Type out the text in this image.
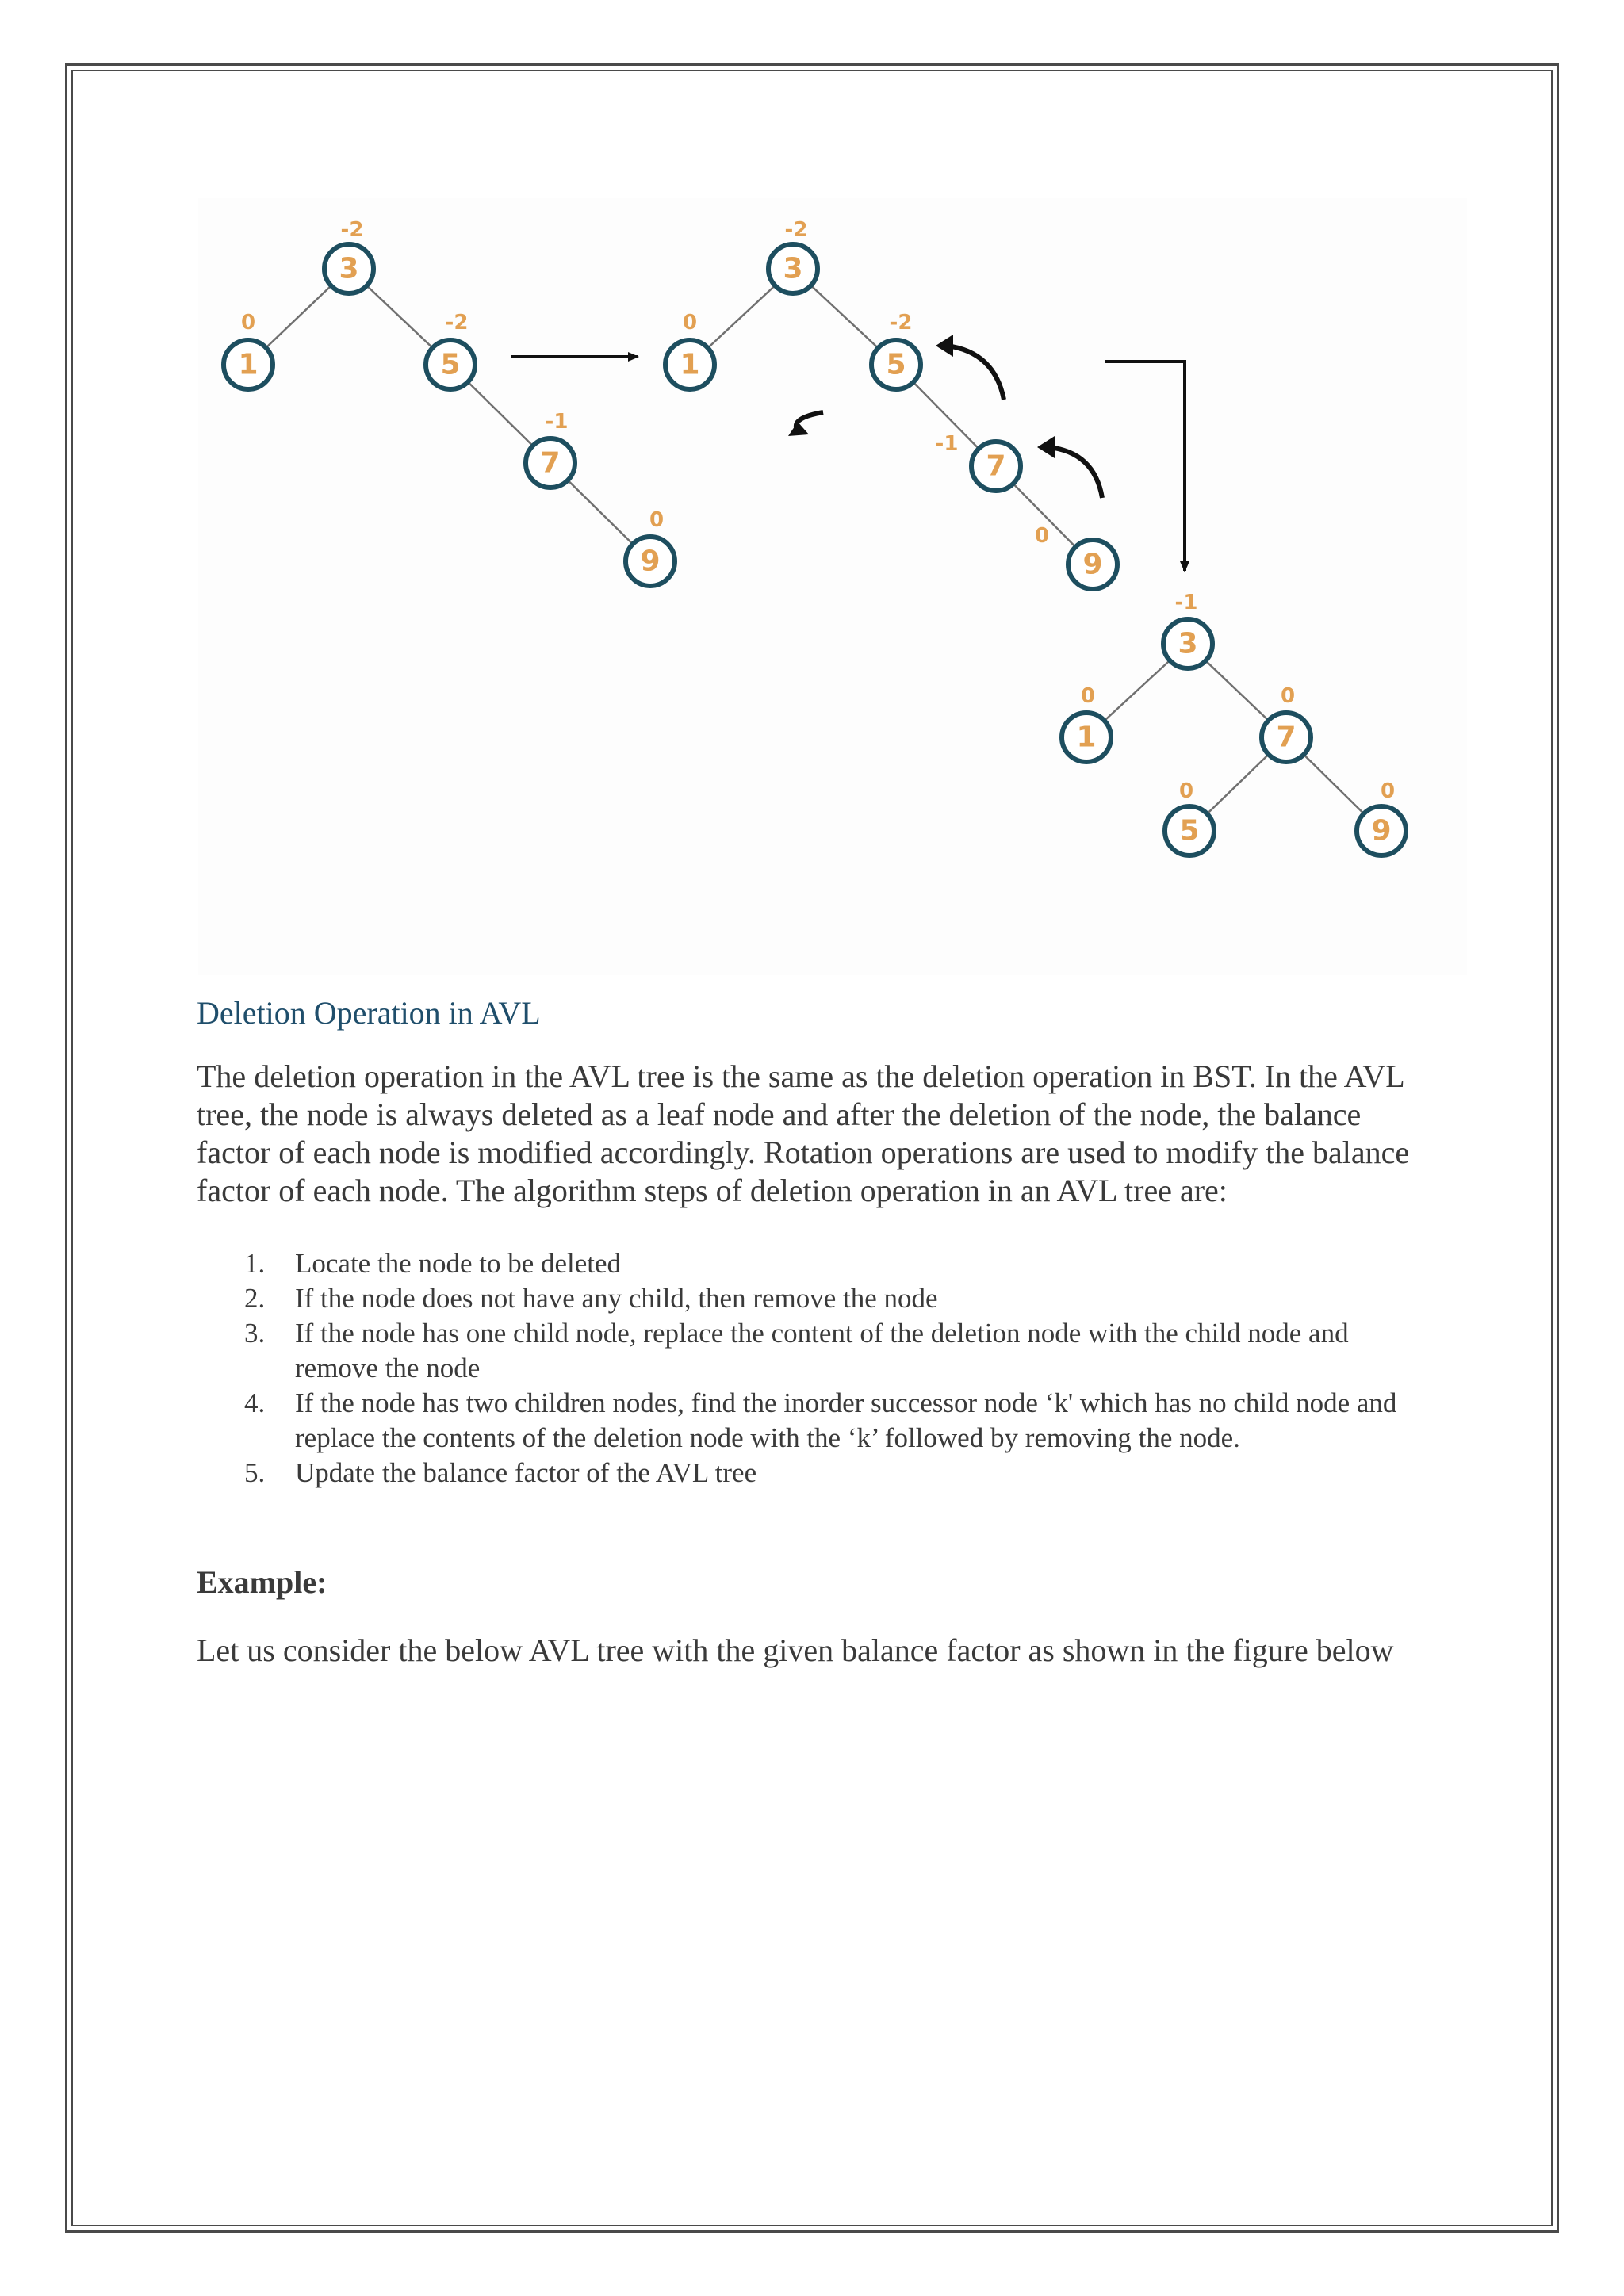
-2
3
0
1
-2
5
-1
7
0
9
-2
3
0
1
-2
5
-1
7
0
9
-1
3
0
1
0
7
0
5
0
9
Deletion Operation in AVL

The deletion operation in the AVL tree is the same as the deletion operation in BST. In the AVL tree, the node is always deleted as a leaf node and after the deletion of the node, the balance factor of each node is modified accordingly. Rotation operations are used to modify the balance factor of each node. The algorithm steps of deletion operation in an AVL tree are:

1. Locate the node to be deleted
2. If the node does not have any child, then remove the node
3. If the node has one child node, replace the content of the deletion node with the child node and remove the node
4. If the node has two children nodes, find the inorder successor node ‘k' which has no child node and replace the contents of the deletion node with the ‘k’ followed by removing the node.
5. Update the balance factor of the AVL tree

Example:

Let us consider the below AVL tree with the given balance factor as shown in the figure below
